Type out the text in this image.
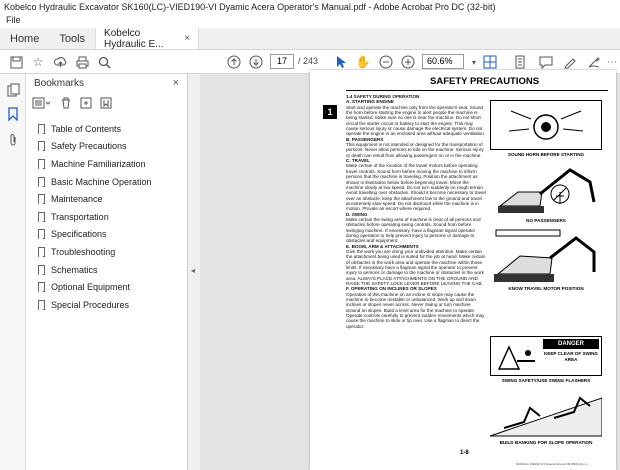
Kobelco Hydraulic Excavator SK160(LC)-VIED190-VI Dyamic Acera Operator's Manual.pdf - Adobe Acrobat Pro DC (32-bit)
File
Home	Tools	Kobelco Hydraulic E...	×
☆	17	/ 243	✋	60.6%	▾	⋯
Bookmarks	×
Table of Contents
Safety Precautions
Machine Familiarization
Basic Machine Operation
Maintenance
Transportation
Specifications
Troubleshooting
Schematics
Optional Equipment
Special Procedures
◂
SAFETY PRECAUTIONS
1
1.4 SAFETY DURING OPERATION
A. STARTING ENGINE
Start and operate the machine only from the operator's seat. Sound the horn before starting the engine to alert people the machine is being started. Make sure no one is near the machine. Do not short circuit the starter circuit or battery to start the engine. This may cause serious injury or cause damage the electrical system. Do not operate the engine in an enclosed area without adequate ventilation.
B. PASSENGERS
This equipment is not intended or designed for the transportation of persons. Never allow persons to ride on the machine. Serious injury or death can result from allowing passengers on or in the machine.
C. TRAVEL
Make certain of the location of the travel motors before operating travel controls. Sound horn before moving the machine to inform persons that the machine is traveling. Position the attachment as shown in illustration below before beginning travel. Move the machine slowly at low speed. Do not turn suddenly on rough terrain. Avoid travelling over obstacles. Should it become necessary to travel over an obstacle, keep the attachment low to the ground and travel at extremely slow speed. Do not dismount while the machine is in motion. Provide an escort where required.
D. SWING
Make certain the swing area of machine is clear of all persons and obstacles before operating swing controls. Sound horn before swinging machine. If necessary, have a flagman signal operator during operation to help prevent injury to persons or damage to obstacles and equipment.
E. BOOM, ARM & ATTACHMENTS
Give the work you are doing your undivided attention. Make certain the attachment being used is suited for the job at hand. Make certain of obstacles in the work area and operate the machine within those limits. If necessary have a flagman signal the operator to prevent injury to persons or damage to the machine or obstacles in the work area. ALWAYS PLACE ATTACHMENTS ON THE GROUND AND RAISE THE SAFETY LOCK LEVER BEFORE LEAVING THE CAB.
F. OPERATING ON INCLINES OR SLOPES
Operation of this machine on an incline or slope may cause the machine to become unstable or unbalanced. Work up and down inclines or slopes never across. Never Swing or turn machine around on slopes. Build a level area for the machine to operate. Operate controls carefully to prevent sudden movements which may cause the machine to slide or tip over. Use a flagman to direct the operator.
SOUND HORN BEFORE STARTING
NO PASSENGERS
KNOW TRAVEL MOTOR POSITION
DANGER
KEEP CLEAR OF SWING AREA
SWING SAFETY/USE SWING FLASHERS
BUILD BANKING FOR SLOPE OPERATION
1-8
SK160LC-VIE190-VI Dynamic Acera OM 08/01 Rev. 1
